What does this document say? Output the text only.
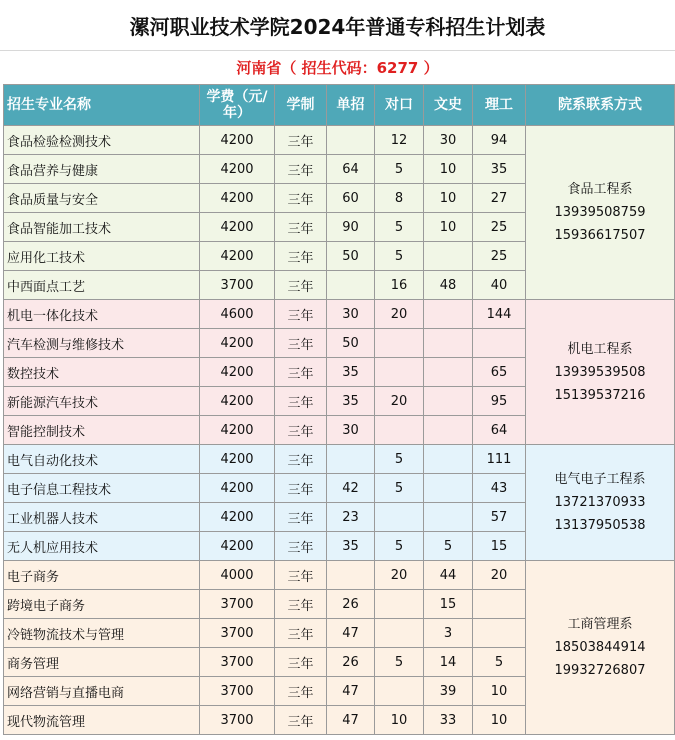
漯河职业技术学院2024年普通专科招生计划表
河南省（ 招生代码：6277 ）
招生专业名称	学费（元/年）	学制	单招	对口	文史	理工	院系联系方式
食品检验检测技术	4200	三年		12	30	94	食品工程系
13939508759
15936617507

食品营养与健康	4200	三年	64	5	10	35	
食品质量与安全	4200	三年	60	8	10	27	
食品智能加工技术	4200	三年	90	5	10	25	
应用化工技术	4200	三年	50	5		25	
中西面点工艺	3700	三年		16	48	40	
机电一体化技术	4600	三年	30	20		144	机电工程系
13939539508
15139537216

汽车检测与维修技术	4200	三年	50				
数控技术	4200	三年	35			65	
新能源汽车技术	4200	三年	35	20		95	
智能控制技术	4200	三年	30			64	
电气自动化技术	4200	三年		5		111	电气电子工程系
13721370933
13137950538

电子信息工程技术	4200	三年	42	5		43	
工业机器人技术	4200	三年	23			57	
无人机应用技术	4200	三年	35	5	5	15	
电子商务	4000	三年		20	44	20	工商管理系
18503844914
19932726807

跨境电子商务	3700	三年	26		15		
冷链物流技术与管理	3700	三年	47		3		
商务管理	3700	三年	26	5	14	5	
网络营销与直播电商	3700	三年	47		39	10	
现代物流管理	3700	三年	47	10	33	10	
